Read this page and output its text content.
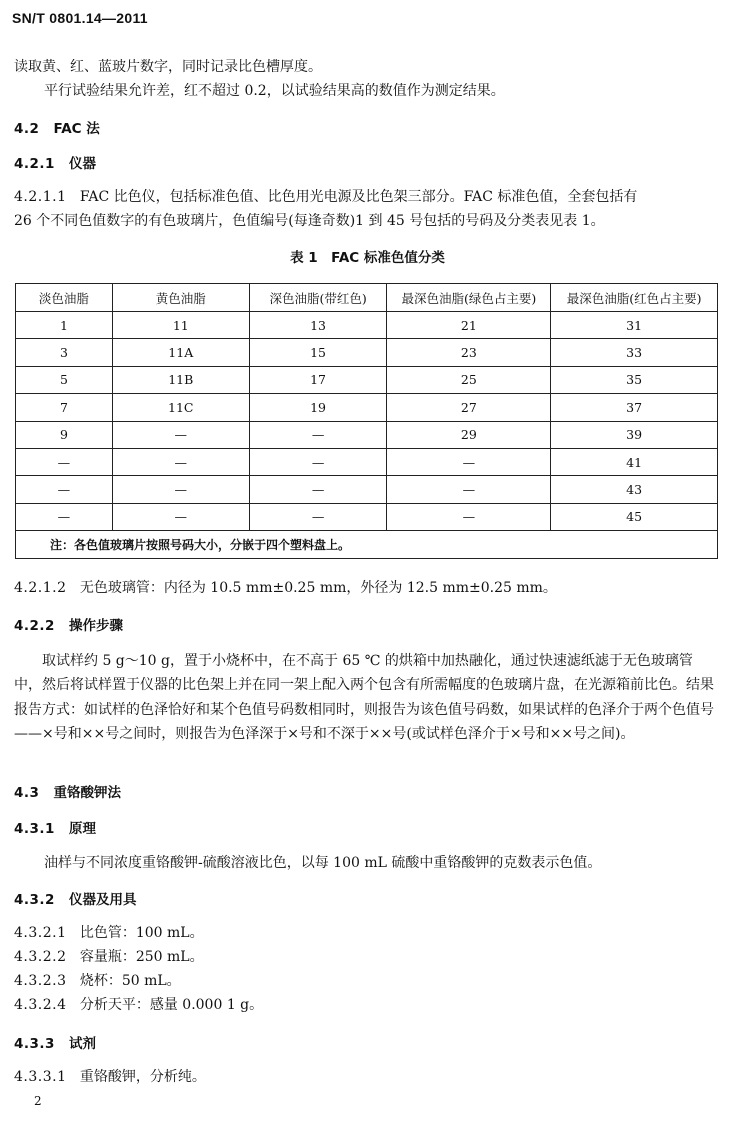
SN/T 0801.14—2011
读取黄、红、蓝玻片数字，同时记录比色槽厚度。
平行试验结果允许差，红不超过 0.2，以试验结果高的数值作为测定结果。
4.2 FAC 法
4.2.1 仪器
4.2.1.1 FAC 比色仪，包括标准色值、比色用光电源及比色架三部分。FAC 标准色值，全套包括有
26 个不同色值数字的有色玻璃片，色值编号(每逢奇数)1 到 45 号包括的号码及分类表见表 1。
表 1　FAC 标准色值分类
淡色油脂	黄色油脂	深色油脂(带红色)	最深色油脂(绿色占主要)	最深色油脂(红色占主要)
1	11	13	21	31
3	11A	15	23	33
5	11B	17	25	35
7	11C	19	27	37
9	—	—	29	39
—	—	—	—	41
—	—	—	—	43
—	—	—	—	45
注：各色值玻璃片按照号码大小，分嵌于四个塑料盘上。				
4.2.1.2 无色玻璃管：内径为 10.5 mm±0.25 mm，外径为 12.5 mm±0.25 mm。
4.2.2 操作步骤
取试样约 5 g～10 g，置于小烧杯中，在不高于 65 ℃ 的烘箱中加热融化，通过快速滤纸滤于无色玻璃管中，然后将试样置于仪器的比色架上并在同一架上配入两个包含有所需幅度的色玻璃片盘，在光源箱前比色。结果报告方式：如试样的色泽恰好和某个色值号码数相同时，则报告为该色值号码数，如果试样的色泽介于两个色值号——×号和××号之间时，则报告为色泽深于×号和不深于××号(或试样色泽介于×号和××号之间)。
4.3 重铬酸钾法
4.3.1 原理
油样与不同浓度重铬酸钾-硫酸溶液比色，以每 100 mL 硫酸中重铬酸钾的克数表示色值。
4.3.2 仪器及用具
4.3.2.1 比色管：100 mL。
4.3.2.2 容量瓶：250 mL。
4.3.2.3 烧杯：50 mL。
4.3.2.4 分析天平：感量 0.000 1 g。
4.3.3 试剂
4.3.3.1 重铬酸钾，分析纯。
2
